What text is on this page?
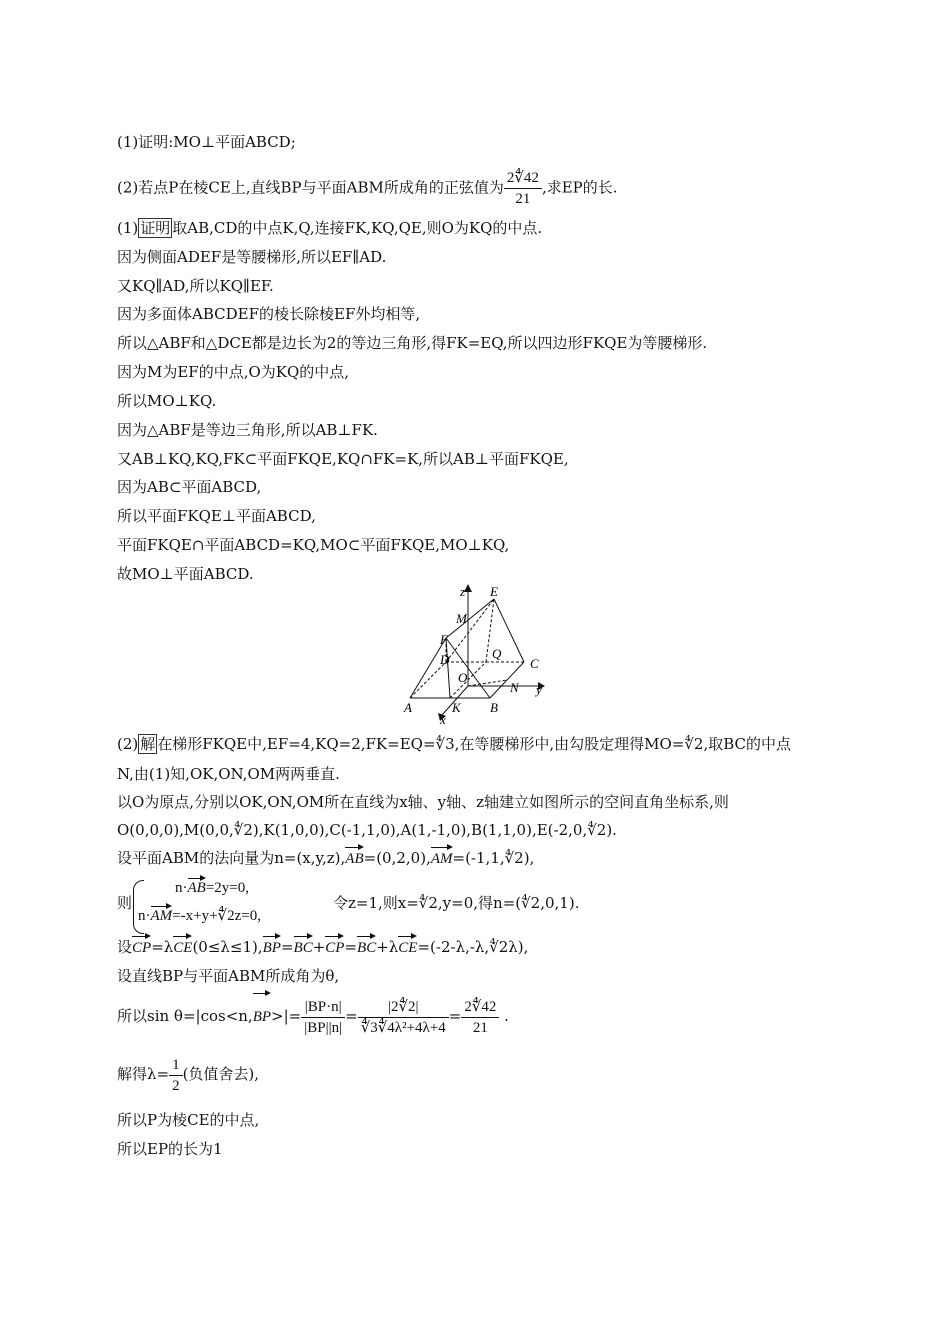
(1)证明:MO⊥平面ABCD;
(2)若点P在棱CE上,直线BP与平面ABM所成角的正弦值为 $\frac{2∜42}{21}$ ,求EP的长.
(1) 证明 取AB,CD的中点K,Q,连接FK,KQ,QE,则O为KQ的中点.
因为侧面ADEF是等腰梯形,所以EF∥AD.
又KQ∥AD,所以KQ∥EF.
因为多面体ABCDEF的棱长除棱EF外均相等,
所以△ABF和△DCE都是边长为2的等边三角形,得FK=EQ,所以四边形FKQE为等腰梯形.
因为M为EF的中点,O为KQ的中点,
所以MO⊥KQ.
因为△ABF是等边三角形,所以AB⊥FK.
又AB⊥KQ,KQ,FK⊂平面FKQE,KQ∩FK=K,所以AB⊥平面FKQE,
因为AB⊂平面ABCD,
所以平面FKQE⊥平面ABCD,
平面FKQE∩平面ABCD=KQ,MO⊂平面FKQE,MO⊥KQ,
故MO⊥平面ABCD.
z E
M
F
D	Q
C
O
N y
A	K B
x
(2) 解 在梯形FKQE中,EF=4,KQ=2,FK=EQ=∜3,在等腰梯形中,由勾股定理得MO=∜2,取BC的中点
N,由(1)知,OK,ON,OM两两垂直.
以O为原点,分别以OK,ON,OM所在直线为x轴、y轴、z轴建立如图所示的空间直角坐标系,则
O(0,0,0),M(0,0,∜2),K(1,0,0),C(-1,1,0),A(1,-1,0),B(1,1,0),E(-2,0,∜2).
设平面ABM的法向量为n=(x,y,z),AB=(0,2,0),AM=(-1,1,∜2),
则
n·AB=2y=0,
n·AM=-x+y+∜2z=0,
令z=1,则x=∜2,y=0,得n=(∜2,0,1).
设CP=λCE(0≤λ≤1),BP=BC+CP=BC+λCE=(-2-λ,-λ,∜2λ),
设直线BP与平面ABM所成角为θ,
所以$\sin \theta=|\cos<n,BP>|= \frac{|BP\cdot n|}{|BP||n|} = \frac{|2∜2|}{\text{∜3∜4λ²+4λ+4}} = \frac{2∜42}{21}$ .
解得$\lambda= \frac{1}{2}$ (负值舍去),
所以P为棱CE的中点,
所以EP的长为1
